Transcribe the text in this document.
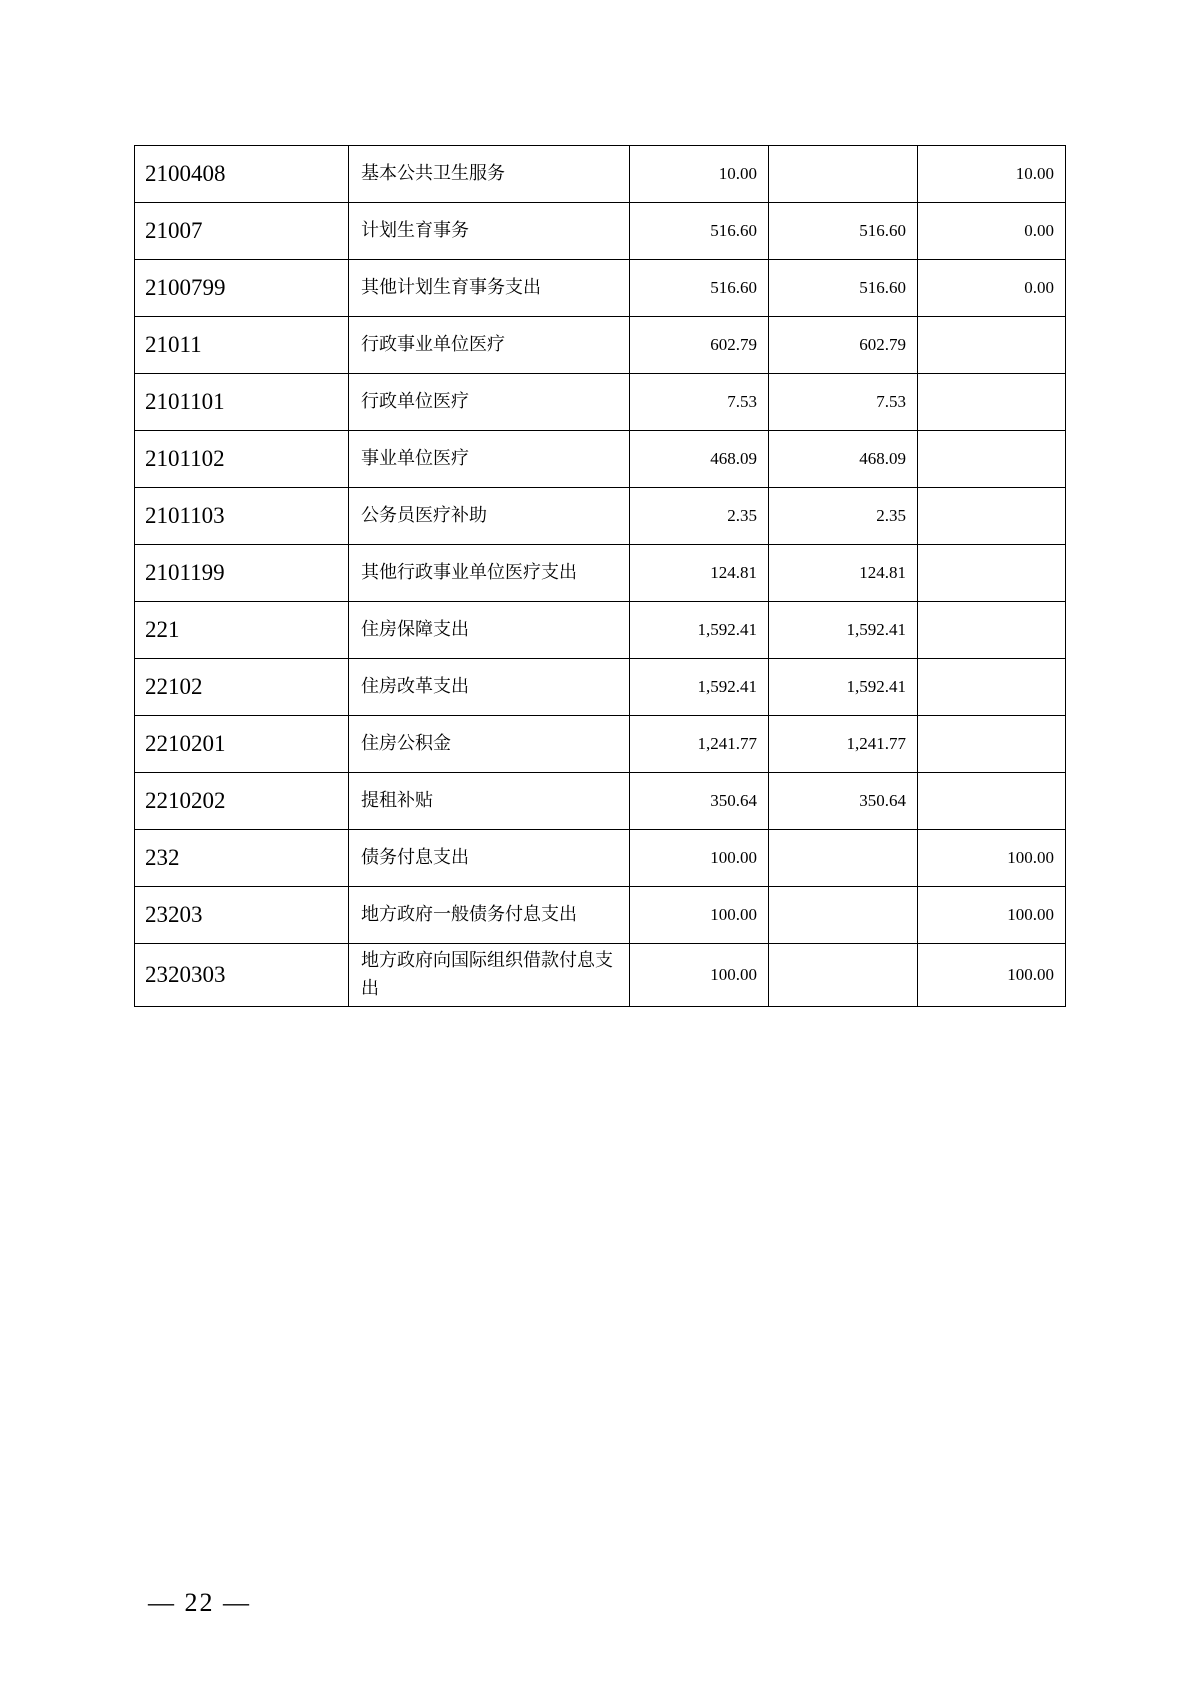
2100408	基本公共卫生服务	10.00		10.00
21007	计划生育事务	516.60	516.60	0.00
2100799	其他计划生育事务支出	516.60	516.60	0.00
21011	行政事业单位医疗	602.79	602.79	
2101101	行政单位医疗	7.53	7.53	
2101102	事业单位医疗	468.09	468.09	
2101103	公务员医疗补助	2.35	2.35	
2101199	其他行政事业单位医疗支出	124.81	124.81	
221	住房保障支出	1,592.41	1,592.41	
22102	住房改革支出	1,592.41	1,592.41	
2210201	住房公积金	1,241.77	1,241.77	
2210202	提租补贴	350.64	350.64	
232	债务付息支出	100.00		100.00
23203	地方政府一般债务付息支出	100.00		100.00
2320303	地方政府向国际组织借款付息支出	100.00		100.00
— 22 —
